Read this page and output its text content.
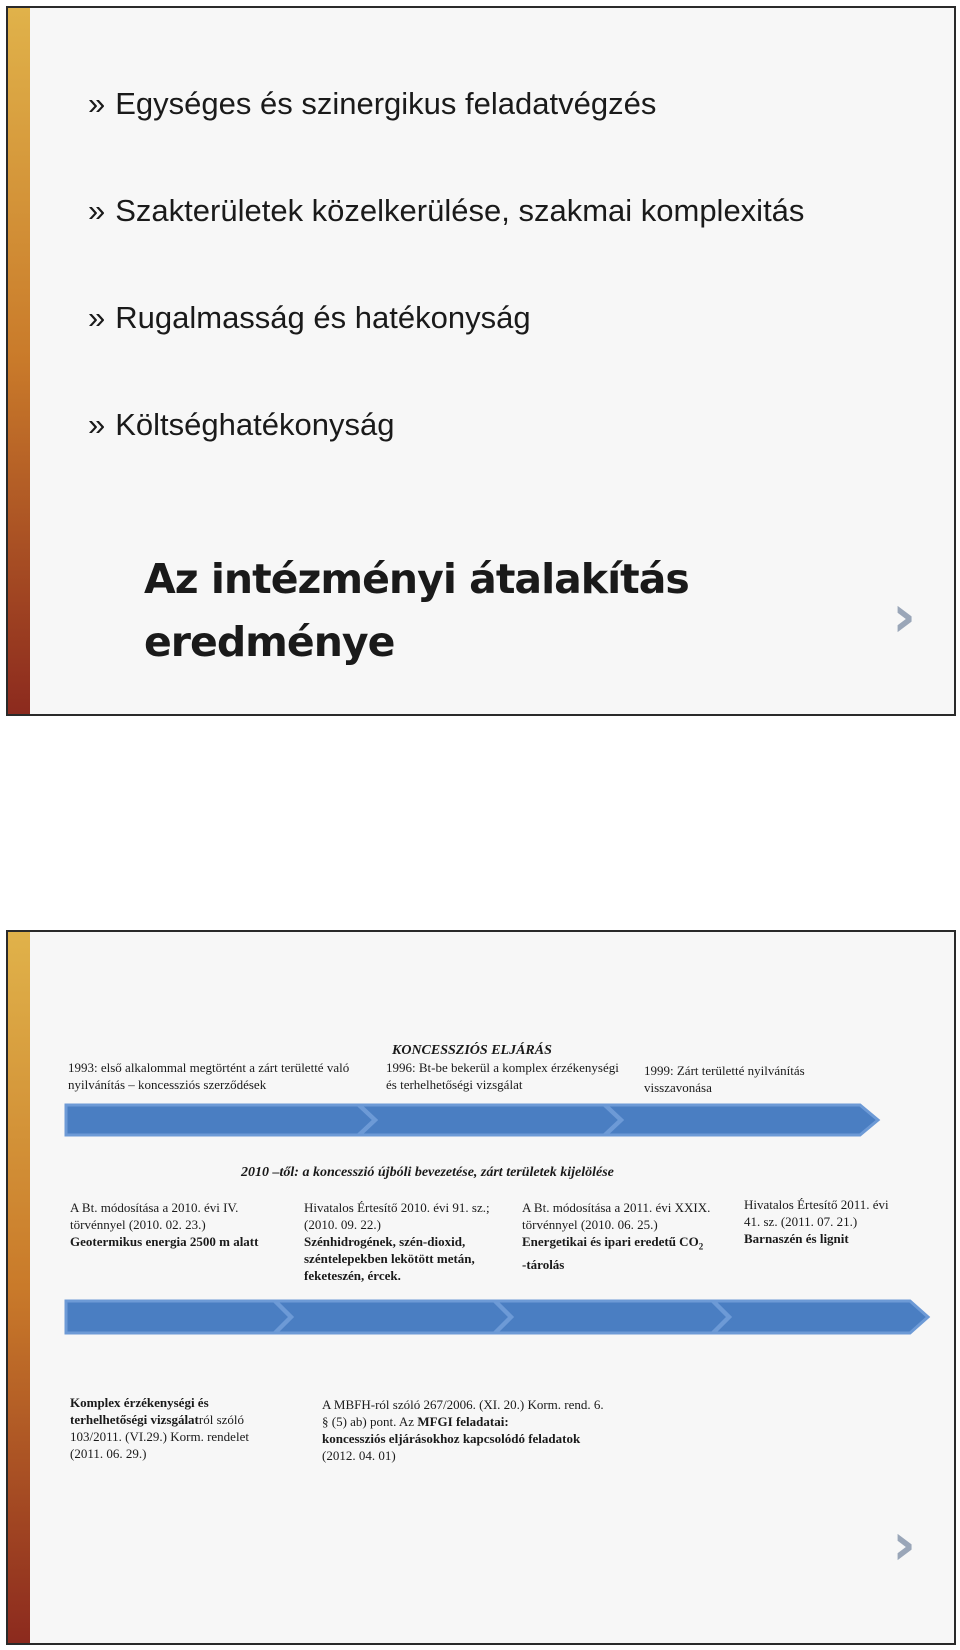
» Egységes és szinergikus feladatvégzés
» Szakterületek közelkerülése, szakmai komplexitás
» Rugalmasság és hatékonyság
» Költséghatékonyság
Az intézményi átalakítás
eredménye	›
KONCESSZIÓS ELJÁRÁS
1993: első alkalommal megtörtént a zárt területté való nyilvánítás – koncessziós szerződések
1996: Bt-be bekerül a komplex érzékenységi és terhelhetőségi vizsgálat
1999: Zárt területté nyilvánítás visszavonása
2010 –től: a koncesszió újbóli bevezetése, zárt területek kijelölése
A Bt. módosítása a 2010. évi IV. törvénnyel (2010. 02. 23.)
Geotermikus energia 2500 m alatt
Hivatalos Értesítő 2010. évi 91. sz.; (2010. 09. 22.)
Szénhidrogének, szén-dioxid, széntelepekben lekötött metán, feketeszén, ércek.
A Bt. módosítása a 2011. évi XXIX. törvénnyel (2010. 06. 25.)
Energetikai és ipari eredetű $CO_2$
-tárolás
Hivatalos Értesítő 2011. évi 41. sz. (2011. 07. 21.)
Barnaszén és lignit
Komplex érzékenységi és terhelhetőségi vizsgálatról szóló 103/2011. (VI.29.) Korm. rendelet (2011. 06. 29.)
A MBFH-ról szóló 267/2006. (XI. 20.) Korm. rend. 6. § (5) ab) pont. Az MFGI feladatai:
koncessziós eljárásokhoz kapcsolódó feladatok
(2012. 04. 01)
›
